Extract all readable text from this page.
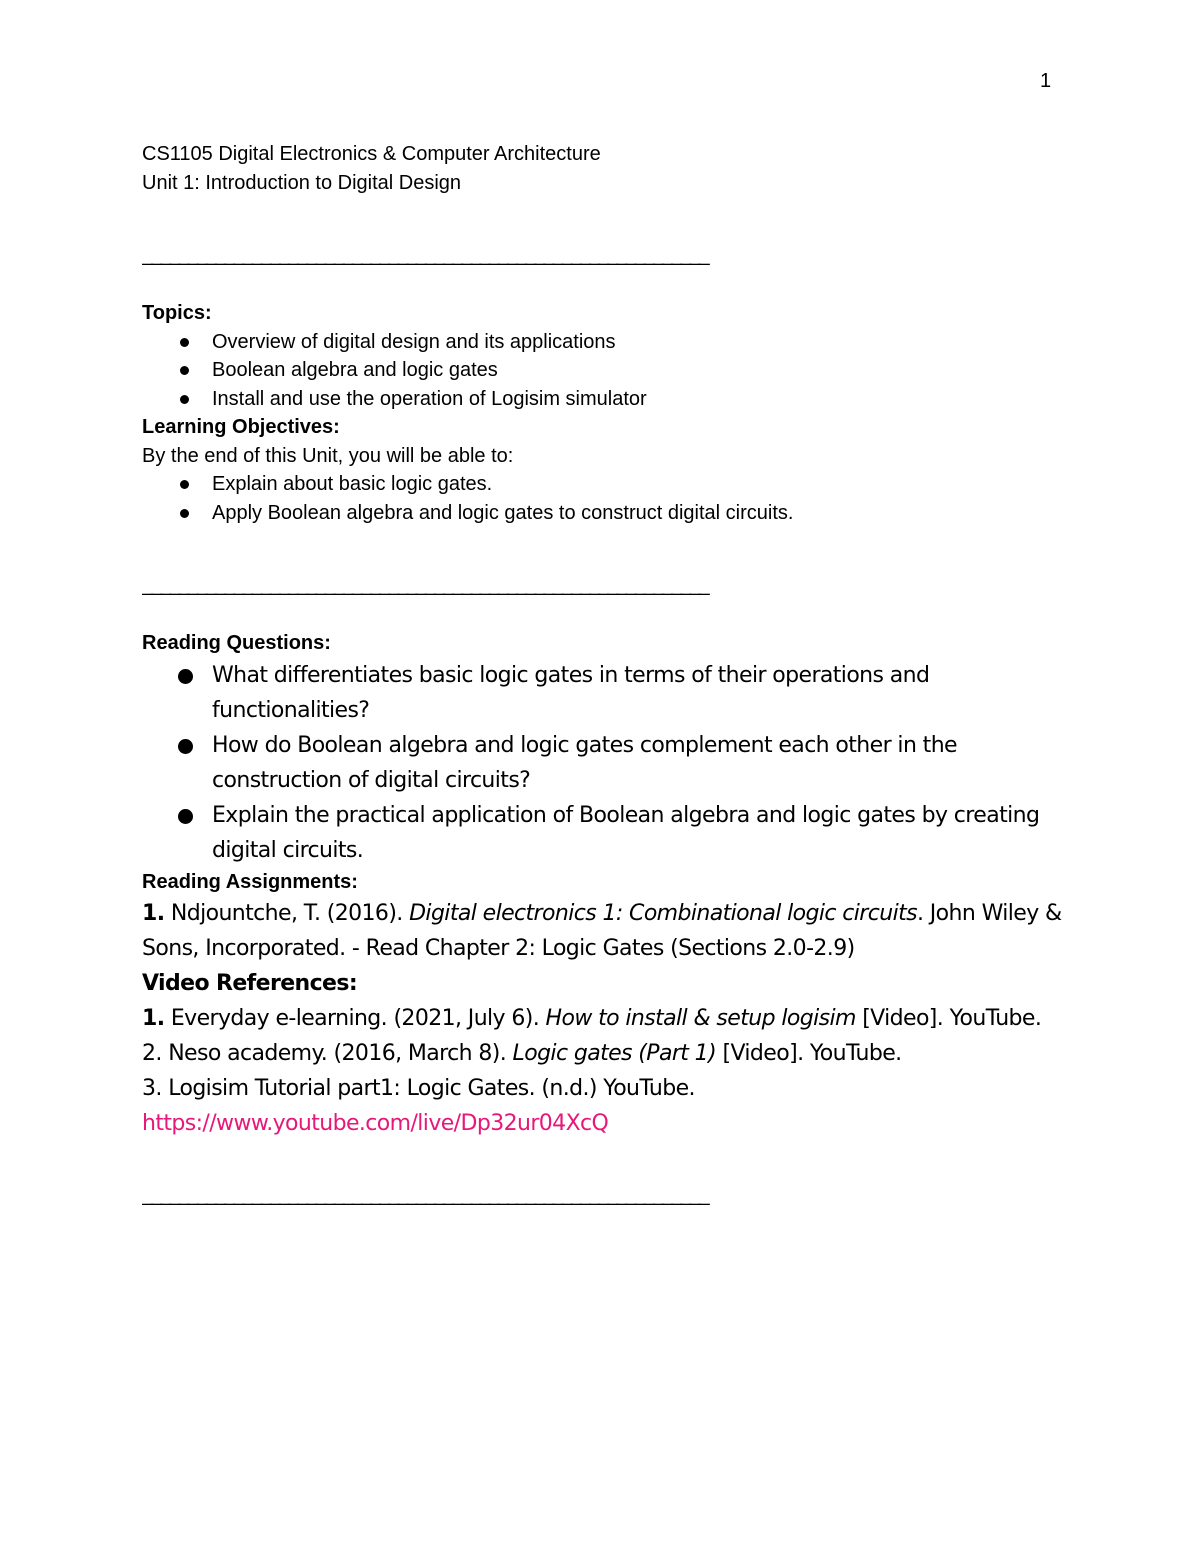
1

CS1105 Digital Electronics & Computer Architecture

Unit 1: Introduction to Digital Design

______________________________________________________________

Topics:

Overview of digital design and its applications
Boolean algebra and logic gates
Install and use the operation of Logisim simulator

Learning Objectives:

By the end of this Unit, you will be able to:

Explain about basic logic gates.
Apply Boolean algebra and logic gates to construct digital circuits.
______________________________________________________________

Reading Questions:

What differentiates basic logic gates in terms of their operations and functionalities?
How do Boolean algebra and logic gates complement each other in the construction of digital circuits?
Explain the practical application of Boolean algebra and logic gates by creating digital circuits.

Reading Assignments:

1. Ndjountche, T. (2016). Digital electronics 1: Combinational logic circuits. John Wiley & Sons, Incorporated. - Read Chapter 2: Logic Gates (Sections 2.0-2.9)

Video References:

1. Everyday e-learning. (2021, July 6). How to install & setup logisim [Video]. YouTube.

2. Neso academy. (2016, March 8). Logic gates (Part 1) [Video]. YouTube.

3. Logisim Tutorial part1: Logic Gates. (n.d.) YouTube.

https://www.youtube.com/live/Dp32ur04XcQ

______________________________________________________________
